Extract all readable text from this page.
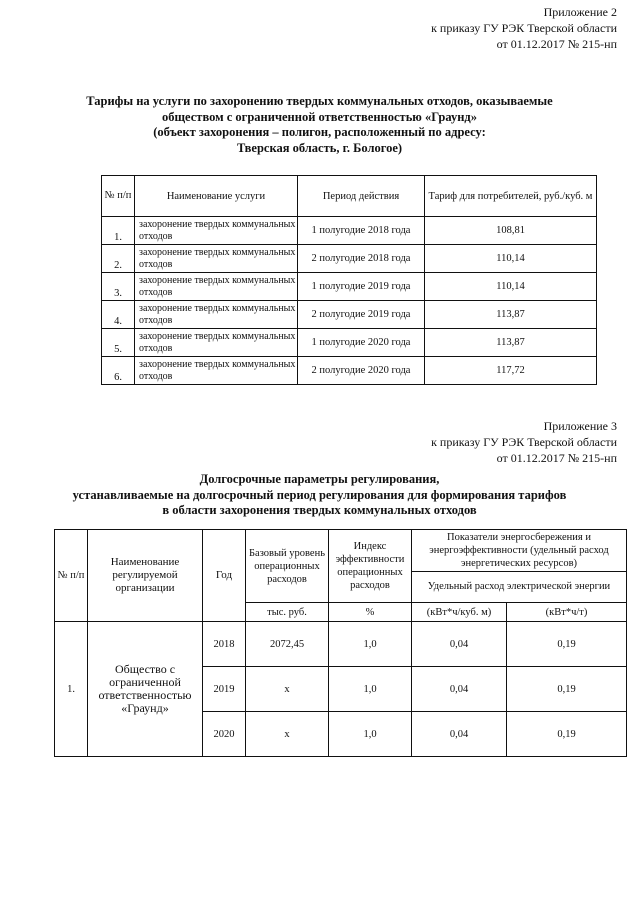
Приложение 2
к приказу ГУ РЭК Тверской области
от 01.12.2017 № 215-нп
Тарифы на услуги по захоронению твердых коммунальных отходов, оказываемые
обществом с ограниченной ответственностью «Граунд»
(объект захоронения – полигон, расположенный по адресу:
Тверская область, г. Бологое)
№ п/п	Наименование услуги	Период действия	Тариф для потребителей, руб./куб. м
1.	захоронение твердых коммунальных отходов	1 полугодие 2018 года	108,81
2.	захоронение твердых коммунальных отходов	2 полугодие 2018 года	110,14
3.	захоронение твердых коммунальных отходов	1 полугодие 2019 года	110,14
4.	захоронение твердых коммунальных отходов	2 полугодие 2019 года	113,87
5.	захоронение твердых коммунальных отходов	1 полугодие 2020 года	113,87
6.	захоронение твердых коммунальных отходов	2 полугодие 2020 года	117,72
Приложение 3
к приказу ГУ РЭК Тверской области
от 01.12.2017 № 215-нп
Долгосрочные параметры регулирования,
устанавливаемые на долгосрочный период регулирования для формирования тарифов
в области захоронения твердых коммунальных отходов
№ п/п	Наименование регулируемой организации	Год	Базовый уровень операционных расходов	Индекс эффективности операционных расходов	Показатели энергосбережения и энергоэффективности (удельный расход энергетических ресурсов)	
					Удельный расход электрической энергии	
			тыс. руб.	%	(кВт*ч/куб. м)	(кВт*ч/т)
1.	Общество с ограниченной ответственностью «Граунд»	2018	2072,45	1,0	0,04	0,19
		2019	х	1,0	0,04	0,19
		2020	х	1,0	0,04	0,19
